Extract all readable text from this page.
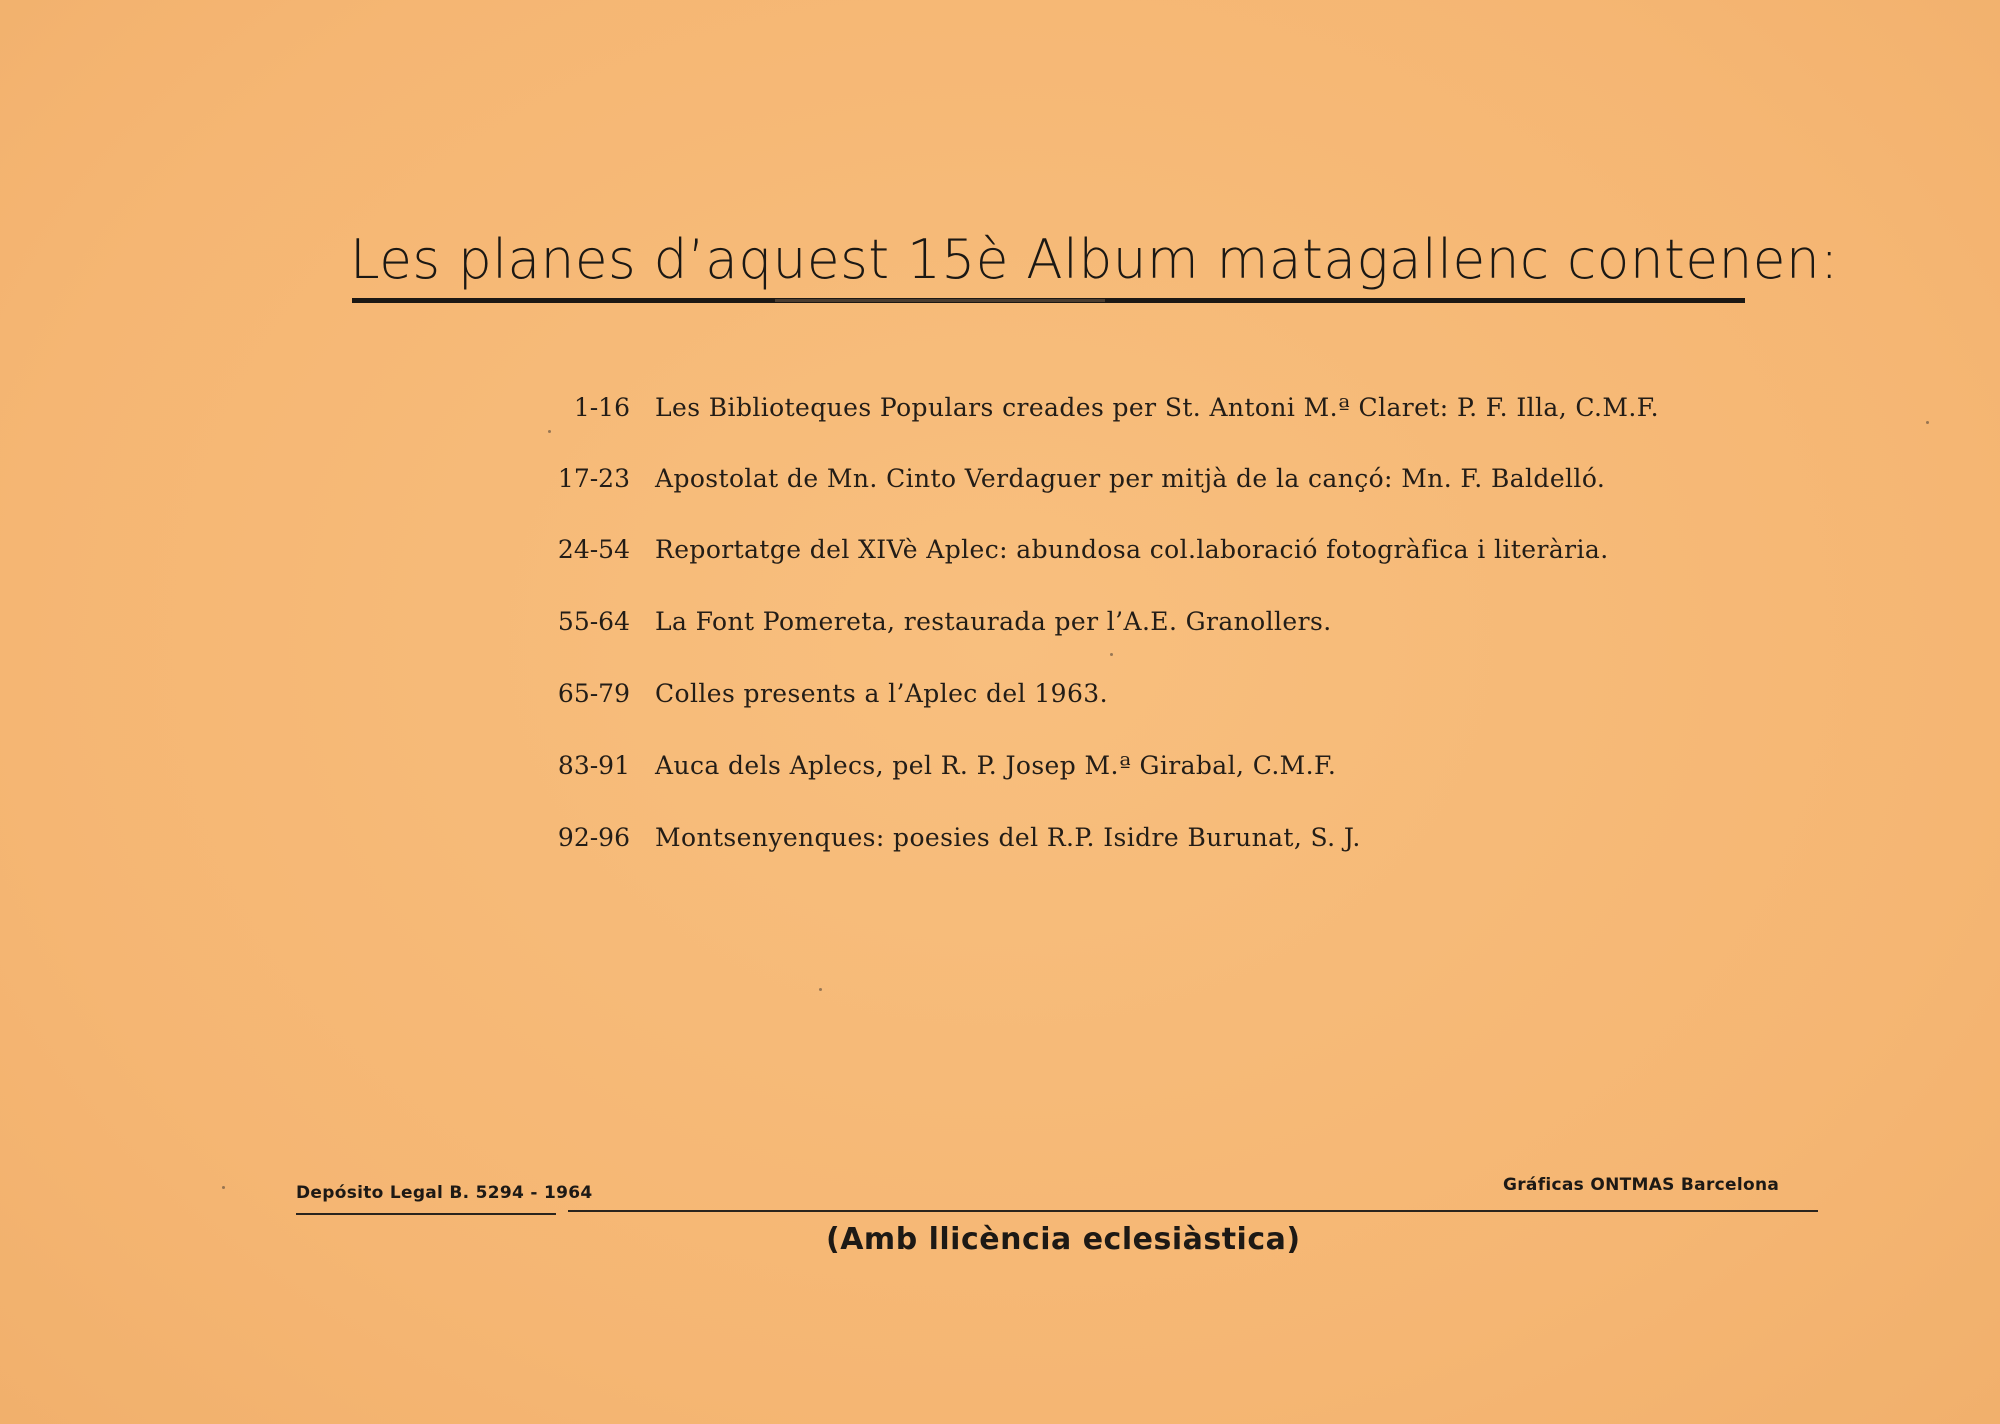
Les planes d’aquest 15è Album matagallenc contenen:
1-16 Les Biblioteques Populars creades per St. Antoni M.ª Claret: P. F. Illa, C.M.F.
17-23 Apostolat de Mn. Cinto Verdaguer per mitjà de la cançó: Mn. F. Baldelló.
24-54 Reportatge del XIVè Aplec: abundosa col.laboració fotogràfica i literària.
55-64 La Font Pomereta, restaurada per l’A.E. Granollers.
65-79 Colles presents a l’Aplec del 1963.
83-91 Auca dels Aplecs, pel R. P. Josep M.ª Girabal, C.M.F.
92-96 Montsenyenques: poesies del R.P. Isidre Burunat, S. J.
Depósito Legal B. 5294 - 1964	Gráficas ONTMAS Barcelona
(Amb llicència eclesiàstica)
